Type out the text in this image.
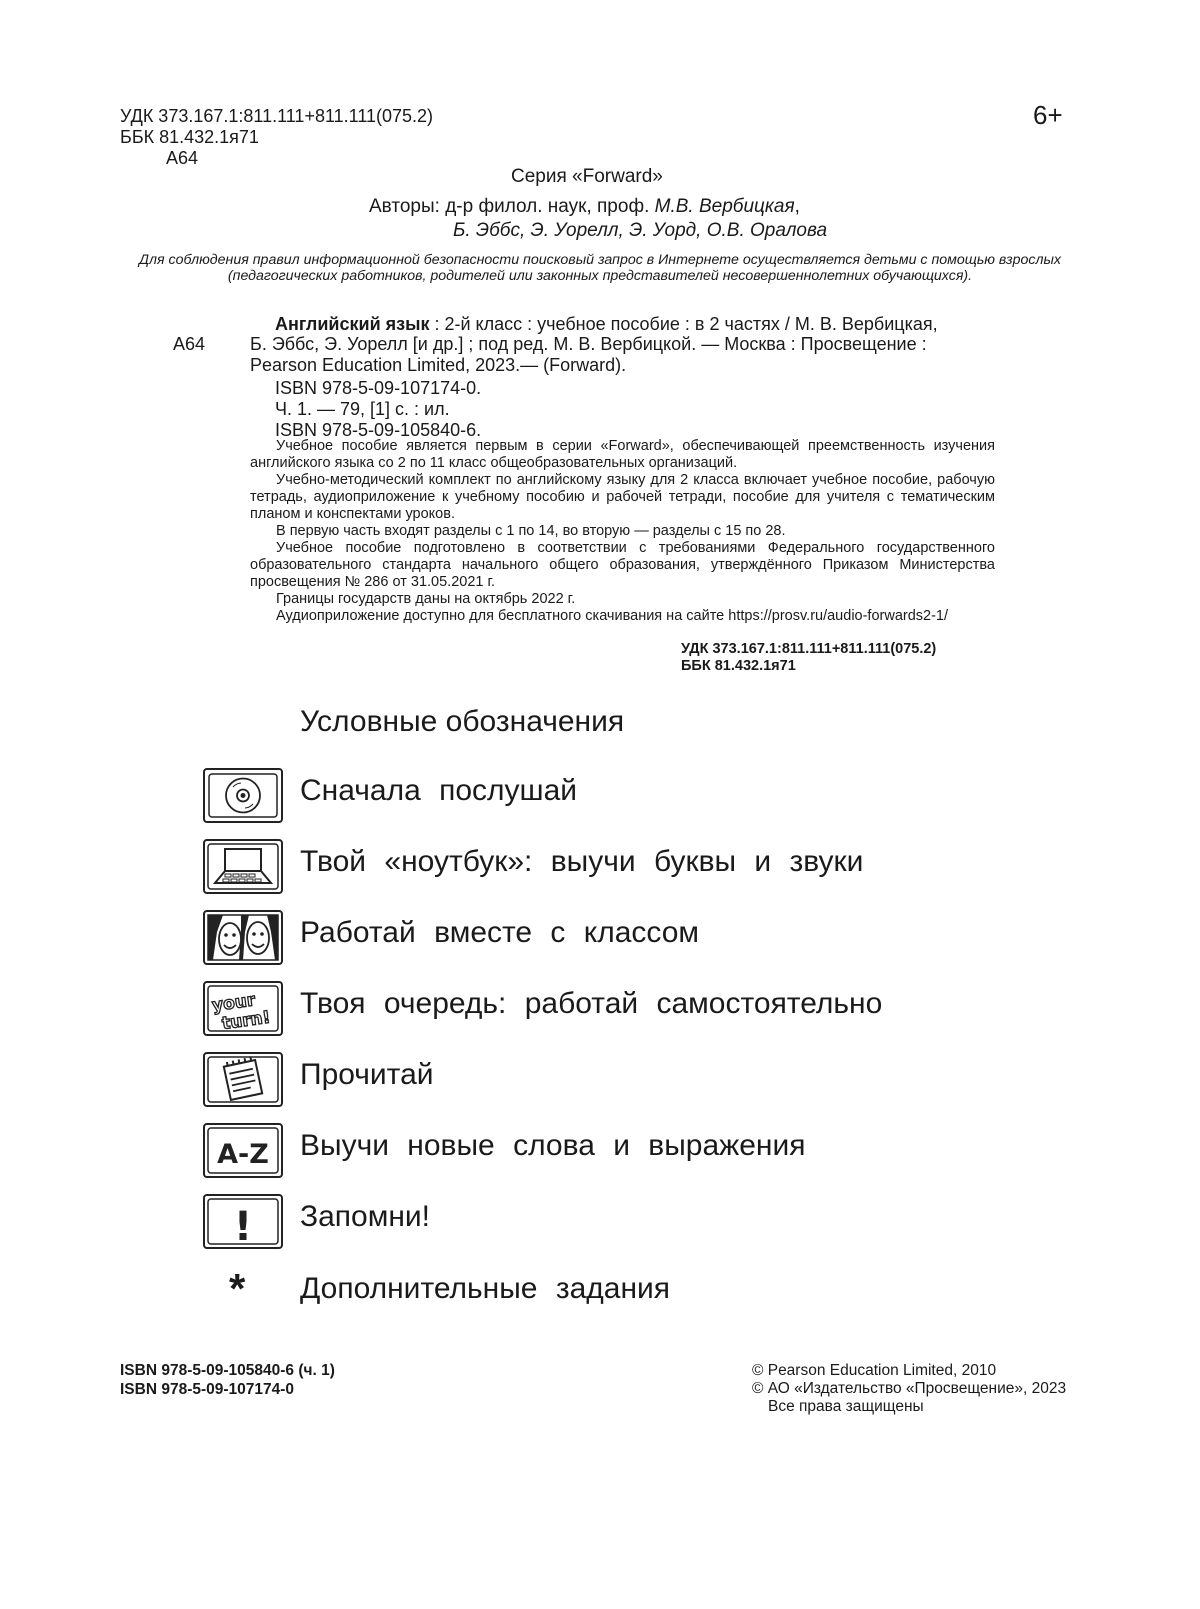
УДК 373.167.1:811.111+811.111(075.2)
ББК 81.432.1я71
А64
6+
Серия «Forward»
Авторы: д-р филол. наук, проф. М.В. Вербицкая,
Б. Эббс, Э. Уорелл, Э. Уорд, О.В. Оралова
Для соблюдения правил информационной безопасности поисковый запрос в Интернете осуществляется детьми с помощью взрослых (педагогических работников, родителей или законных представителей несовершеннолетних обучающихся).
А64
Английский язык : 2-й класс : учебное пособие : в 2 частях / М. В. Вербицкая,
Б. Эббс, Э. Уорелл [и др.] ; под ред. М. В. Вербицкой. — Москва : Просвещение :
Pearson Education Limited, 2023.— (Forward).
ISBN 978-5-09-107174-0.
Ч. 1. — 79, [1] с. : ил.
ISBN 978-5-09-105840-6.

Учебное пособие является первым в серии «Forward», обеспечивающей преемственность изучения английского языка со 2 по 11 класс общеобразовательных организаций.

Учебно-методический комплект по английскому языку для 2 класса включает учебное пособие, рабочую тетрадь, аудиоприложение к учебному пособию и рабочей тетради, пособие для учителя с тематическим планом и конспектами уроков.

В первую часть входят разделы с 1 по 14, во вторую — разделы с 15 по 28.

Учебное пособие подготовлено в соответствии с требованиями Федерального государственного образовательного стандарта начального общего образования, утверждённого Приказом Министерства просвещения № 286 от 31.05.2021 г.

Границы государств даны на октябрь 2022 г.

Аудиоприложение доступно для бесплатного скачивания на сайте https://prosv.ru/audio-forwards2-1/

УДК 373.167.1:811.111+811.111(075.2)
ББК 81.432.1я71
Условные обозначения
Сначала послушай
Твой «ноутбук»: выучи буквы и звуки
Работай вместе с классом
your
turn!
Твоя очередь: работай самостоятельно
Прочитай
A-Z Выучи новые слова и выражения
! Запомни!
* Дополнительные задания
ISBN 978-5-09-105840-6 (ч. 1)
ISBN 978-5-09-107174-0
© Pearson Education Limited, 2010
© АО «Издательство «Просвещение», 2023
Все права защищены
